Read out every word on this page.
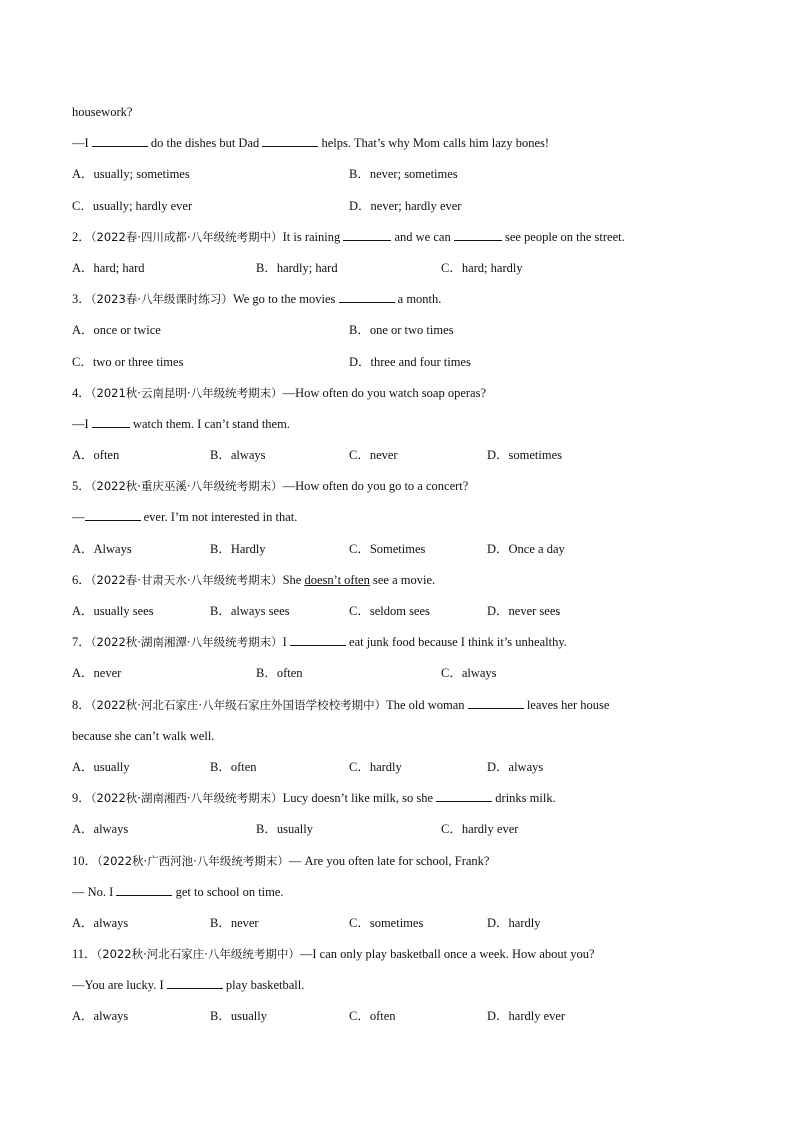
housework?
—I	do the dishes but Dad	helps. That’s why Mom calls him lazy bones!
A．usually; sometimes	B．never; sometimes
C．usually; hardly ever	D．never; hardly ever
2．（2022春·四川成都·八年级统考期中）It is raining	and we can	see people on the street.
A．hard; hard	B．hardly; hard	C．hard; hardly
3．（2023春·八年级课时练习）We go to the movies	a month.
A．once or twice	B．one or two times
C．two or three times	D．three and four times
4．（2021秋·云南昆明·八年级统考期末）—How often do you watch soap operas?
—I	watch them. I can’t stand them.
A．often	B．always	C．never	D．sometimes
5．（2022秋·重庆巫溪·八年级统考期末）—How often do you go to a concert?
—	ever. I’m not interested in that.
A．Always	B．Hardly	C．Sometimes	D．Once a day
6．（2022春·甘肃天水·八年级统考期末）She doesn’t often see a movie.
A．usually sees	B．always sees	C．seldom sees	D．never sees
7．（2022秋·湖南湘潭·八年级统考期末）I	eat junk food because I think it’s unhealthy.
A．never	B．often	C．always
8．（2022秋·河北石家庄·八年级石家庄外国语学校校考期中）The old woman	leaves her house
because she can’t walk well.
A．usually	B．often	C．hardly	D．always
9．（2022秋·湖南湘西·八年级统考期末）Lucy doesn’t like milk, so she	drinks milk.
A．always	B．usually	C．hardly ever
10．（2022秋·广西河池·八年级统考期末）— Are you often late for school, Frank?
— No. I	get to school on time.
A．always	B．never	C．sometimes	D．hardly
11．（2022秋·河北石家庄·八年级统考期中）—I can only play basketball once a week. How about you?
—You are lucky. I	play basketball.
A．always	B．usually	C．often	D．hardly ever
